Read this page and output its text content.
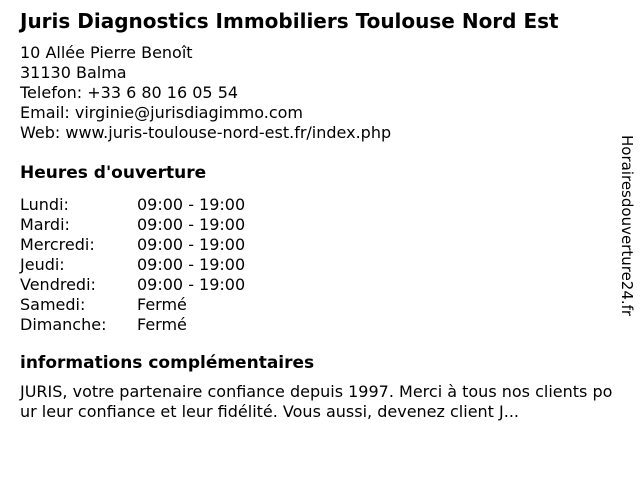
Juris Diagnostics Immobiliers Toulouse Nord Est
10 Allée Pierre Benoît
31130 Balma
Telefon: +33 6 80 16 05 54
Email: virginie@jurisdiagimmo.com
Web: www.juris-toulouse-nord-est.fr/index.php
Heures d'ouverture
Lundi:	09:00 - 19:00
Mardi:	09:00 - 19:00
Mercredi:	09:00 - 19:00
Jeudi:	09:00 - 19:00
Vendredi:	09:00 - 19:00
Samedi:	Fermé
Dimanche:	Fermé
informations complémentaires

JURIS, votre partenaire confiance depuis 1997. Merci à tous nos clients pour leur confiance et leur fidélité. Vous aussi, devenez client J...

Horairesdouverture24.fr
